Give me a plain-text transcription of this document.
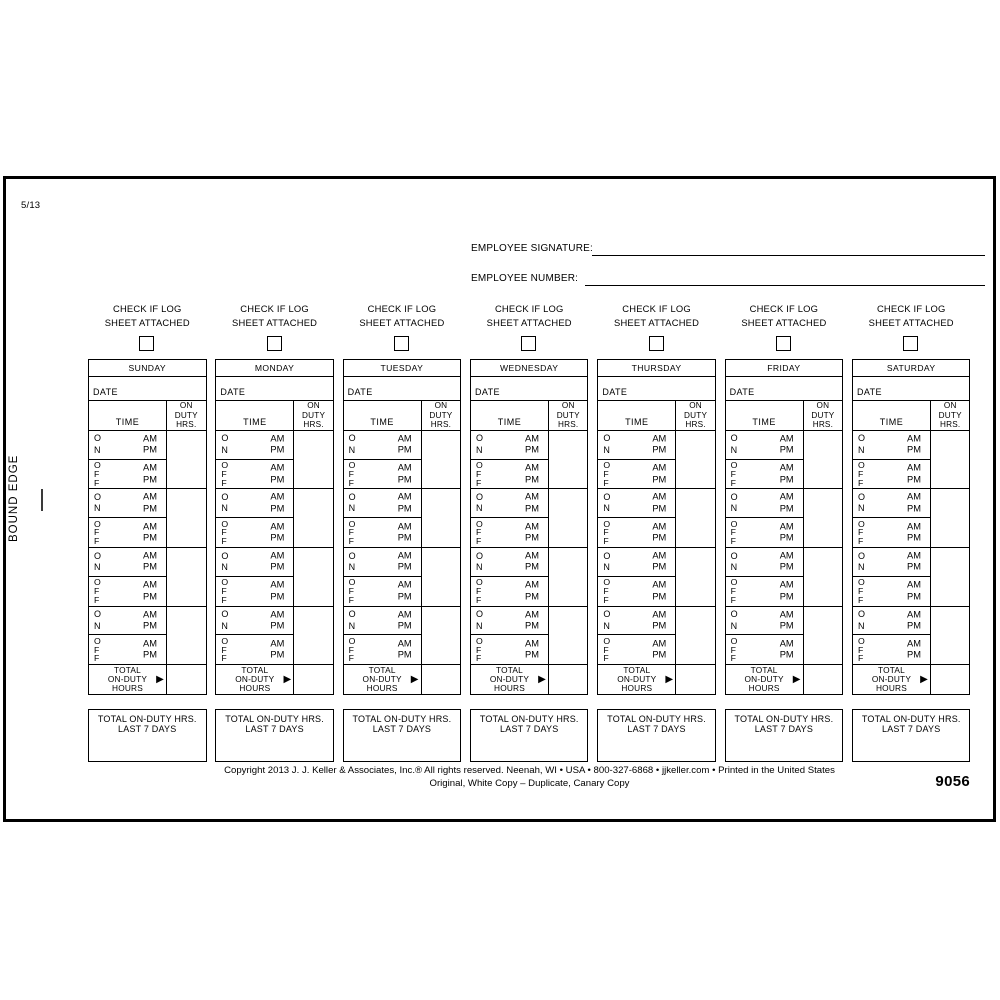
5/13
BOUND EDGE
EMPLOYEE SIGNATURE:
EMPLOYEE NUMBER:
CHECK IF LOG
SHEET ATTACHED
SUNDAY
DATE
TIME
ON
DUTY
HRS.
ON
AM
PM
OFF
AM
PM
ON
AM
PM
OFF
AM
PM
ON
AM
PM
OFF
AM
PM
ON
AM
PM
OFF
AM
PM
TOTAL
ON-DUTY
HOURS
▶
TOTAL ON-DUTY HRS.
LAST 7 DAYS
CHECK IF LOG
SHEET ATTACHED
MONDAY
DATE
TIME
ON
DUTY
HRS.
ON
AM
PM
OFF
AM
PM
ON
AM
PM
OFF
AM
PM
ON
AM
PM
OFF
AM
PM
ON
AM
PM
OFF
AM
PM
TOTAL
ON-DUTY
HOURS
▶
TOTAL ON-DUTY HRS.
LAST 7 DAYS
CHECK IF LOG
SHEET ATTACHED
TUESDAY
DATE
TIME
ON
DUTY
HRS.
ON
AM
PM
OFF
AM
PM
ON
AM
PM
OFF
AM
PM
ON
AM
PM
OFF
AM
PM
ON
AM
PM
OFF
AM
PM
TOTAL
ON-DUTY
HOURS
▶
TOTAL ON-DUTY HRS.
LAST 7 DAYS
CHECK IF LOG
SHEET ATTACHED
WEDNESDAY
DATE
TIME
ON
DUTY
HRS.
ON
AM
PM
OFF
AM
PM
ON
AM
PM
OFF
AM
PM
ON
AM
PM
OFF
AM
PM
ON
AM
PM
OFF
AM
PM
TOTAL
ON-DUTY
HOURS
▶
TOTAL ON-DUTY HRS.
LAST 7 DAYS
CHECK IF LOG
SHEET ATTACHED
THURSDAY
DATE
TIME
ON
DUTY
HRS.
ON
AM
PM
OFF
AM
PM
ON
AM
PM
OFF
AM
PM
ON
AM
PM
OFF
AM
PM
ON
AM
PM
OFF
AM
PM
TOTAL
ON-DUTY
HOURS
▶
TOTAL ON-DUTY HRS.
LAST 7 DAYS
CHECK IF LOG
SHEET ATTACHED
FRIDAY
DATE
TIME
ON
DUTY
HRS.
ON
AM
PM
OFF
AM
PM
ON
AM
PM
OFF
AM
PM
ON
AM
PM
OFF
AM
PM
ON
AM
PM
OFF
AM
PM
TOTAL
ON-DUTY
HOURS
▶
TOTAL ON-DUTY HRS.
LAST 7 DAYS
CHECK IF LOG
SHEET ATTACHED
SATURDAY
DATE
TIME
ON
DUTY
HRS.
ON
AM
PM
OFF
AM
PM
ON
AM
PM
OFF
AM
PM
ON
AM
PM
OFF
AM
PM
ON
AM
PM
OFF
AM
PM
TOTAL
ON-DUTY
HOURS
▶
TOTAL ON-DUTY HRS.
LAST 7 DAYS
Copyright 2013 J. J. Keller & Associates, Inc.® All rights reserved. Neenah, WI • USA • 800-327-6868 • jjkeller.com • Printed in the United States
Original, White Copy – Duplicate, Canary Copy	9056
